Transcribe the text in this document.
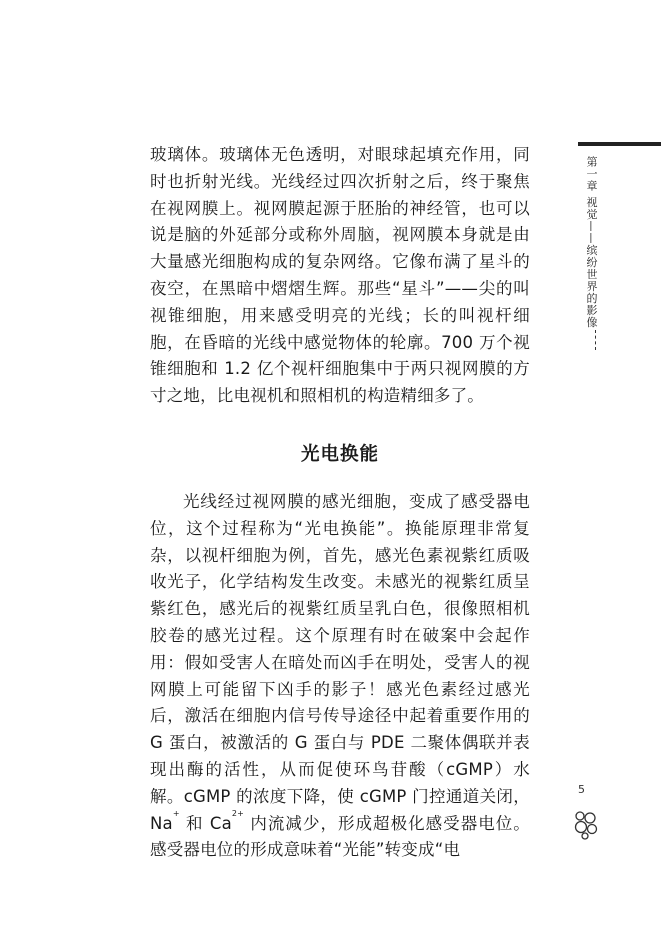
玻璃体。玻璃体无色透明，对眼球起填充作用，同时也折射光线。光线经过四次折射之后，终于聚焦在视网膜上。视网膜起源于胚胎的神经管，也可以说是脑的外延部分或称外周脑，视网膜本身就是由大量感光细胞构成的复杂网络。它像布满了星斗的夜空，在黑暗中熠熠生辉。那些“星斗”——尖的叫视锥细胞，用来感受明亮的光线；长的叫视杆细胞，在昏暗的光线中感觉物体的轮廓。700 万个视锥细胞和 1.2 亿个视杆细胞集中于两只视网膜的方寸之地，比电视机和照相机的构造精细多了。

光电换能

光线经过视网膜的感光细胞，变成了感受器电位，这个过程称为“光电换能”。换能原理非常复杂，以视杆细胞为例，首先，感光色素视紫红质吸收光子，化学结构发生改变。未感光的视紫红质呈紫红色，感光后的视紫红质呈乳白色，很像照相机胶卷的感光过程。这个原理有时在破案中会起作用：假如受害人在暗处而凶手在明处，受害人的视网膜上可能留下凶手的影子！感光色素经过感光后，激活在细胞内信号传导途径中起着重要作用的 G 蛋白，被激活的 G 蛋白与 PDE 二聚体偶联并表现出酶的活性，从而促使环鸟苷酸（cGMP）水解。cGMP 的浓度下降，使 cGMP 门控通道关闭，Na+ 和 $Ca^{2+}$ 内流减少，形成超极化感受器电位。感受器电位的形成意味着“光能”转变成“电

第一章 视觉——缤纷世界的影像
5
